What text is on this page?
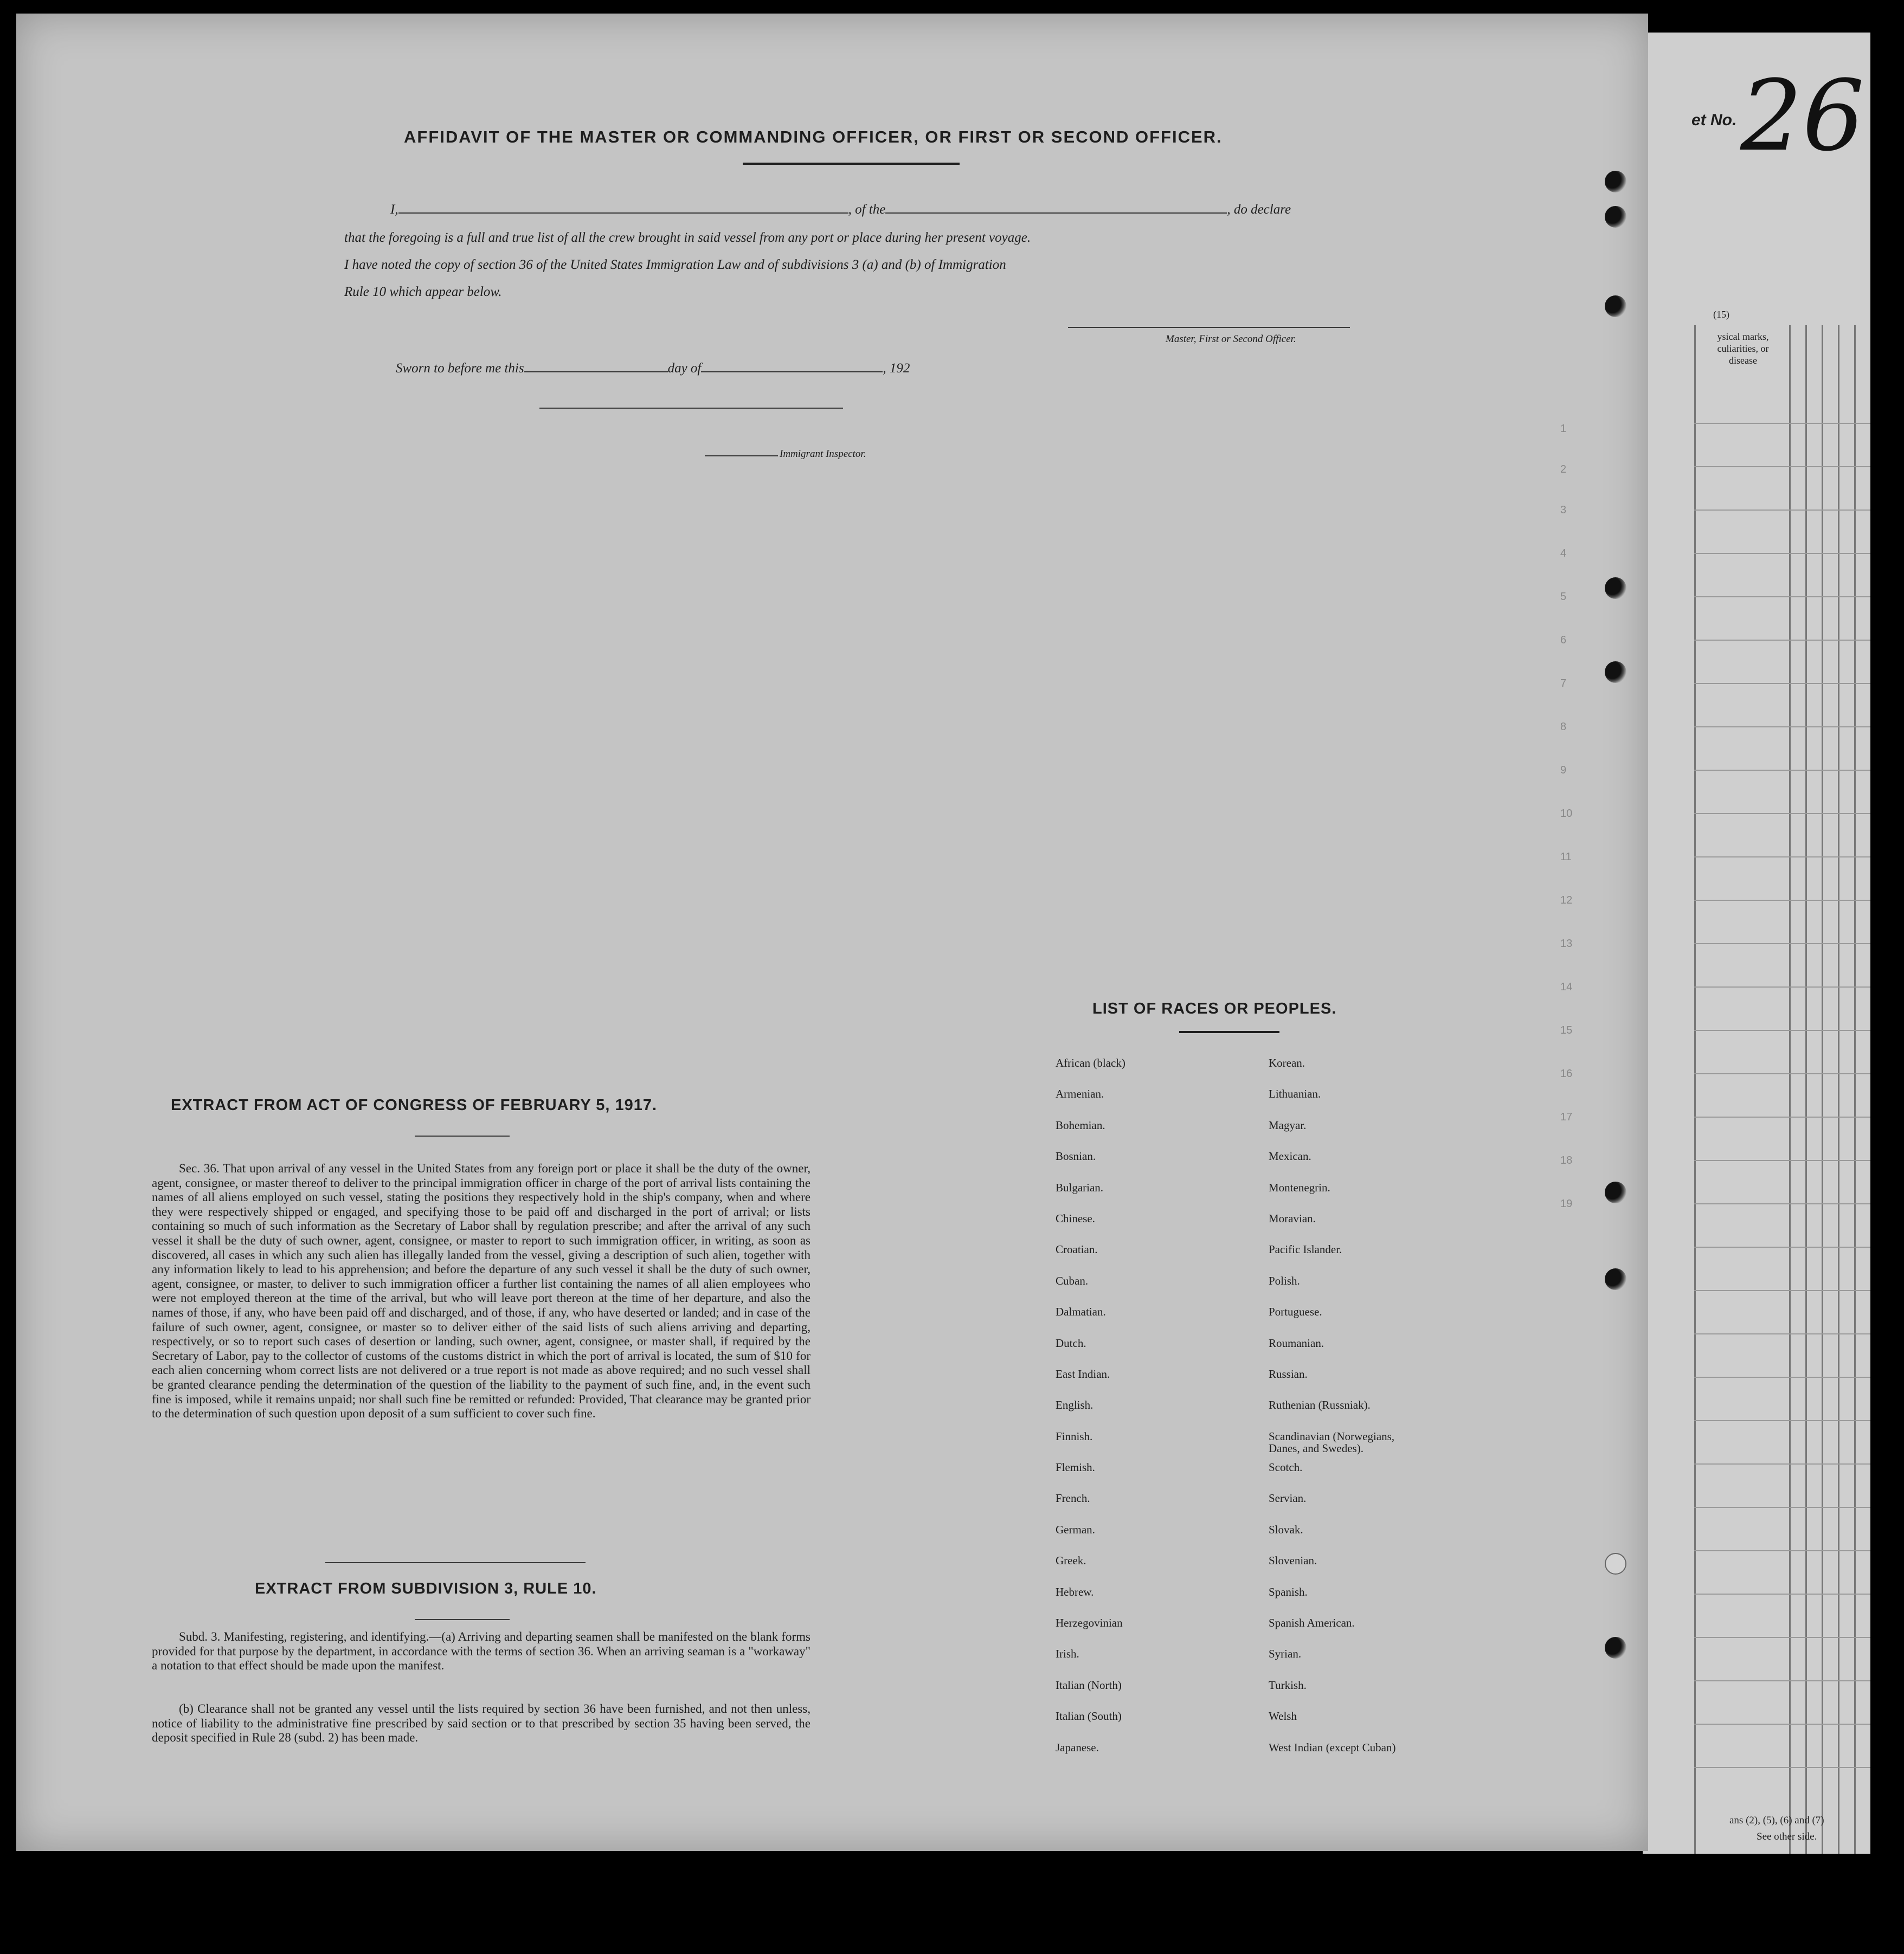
(15)
ysical marks,
culiarities, or
disease
ans (2), (5), (6) and (7)
See other side.
et No. 26
1
2
3
4
5
6
7
8
9
10
11
12
13
14
15
16
17
18
19
AFFIDAVIT OF THE MASTER OR COMMANDING OFFICER, OR FIRST OR SECOND OFFICER.
I,	, of the	, do declare
that the foregoing is a full and true list of all the crew brought in said vessel from any port or place during her present voyage.
I have noted the copy of section 36 of the United States Immigration Law and of subdivisions 3 (a) and (b) of Immigration
Rule 10 which appear below.
Master, First or Second Officer.
Sworn to before me this	day of	, 192
Immigrant Inspector.
EXTRACT FROM ACT OF CONGRESS OF FEBRUARY 5, 1917.
Sec. 36. That upon arrival of any vessel in the United States from any foreign port or place it shall be the duty of the owner, agent, consignee, or master thereof to deliver to the principal immigration officer in charge of the port of arrival lists containing the names of all aliens employed on such vessel, stating the positions they respectively hold in the ship's company, when and where they were respectively shipped or engaged, and specifying those to be paid off and discharged in the port of arrival; or lists containing so much of such information as the Secretary of Labor shall by regulation prescribe; and after the arrival of any such vessel it shall be the duty of such owner, agent, consignee, or master to report to such immigration officer, in writing, as soon as discovered, all cases in which any such alien has illegally landed from the vessel, giving a description of such alien, together with any information likely to lead to his apprehension; and before the departure of any such vessel it shall be the duty of such owner, agent, consignee, or master, to deliver to such immigration officer a further list containing the names of all alien employees who were not employed thereon at the time of the arrival, but who will leave port thereon at the time of her departure, and also the names of those, if any, who have been paid off and discharged, and of those, if any, who have deserted or landed; and in case of the failure of such owner, agent, consignee, or master so to deliver either of the said lists of such aliens arriving and departing, respectively, or so to report such cases of desertion or landing, such owner, agent, consignee, or master shall, if required by the Secretary of Labor, pay to the collector of customs of the customs district in which the port of arrival is located, the sum of $10 for each alien concerning whom correct lists are not delivered or a true report is not made as above required; and no such vessel shall be granted clearance pending the determination of the question of the liability to the payment of such fine, and, in the event such fine is imposed, while it remains unpaid; nor shall such fine be remitted or refunded: Provided, That clearance may be granted prior to the determination of such question upon deposit of a sum sufficient to cover such fine.
EXTRACT FROM SUBDIVISION 3, RULE 10.
Subd. 3. Manifesting, registering, and identifying.—(a) Arriving and departing seamen shall be manifested on the blank forms provided for that purpose by the department, in accordance with the terms of section 36. When an arriving seaman is a "workaway" a notation to that effect should be made upon the manifest.
(b) Clearance shall not be granted any vessel until the lists required by section 36 have been furnished, and not then unless, notice of liability to the administrative fine prescribed by said section or to that prescribed by section 35 having been served, the deposit specified in Rule 28 (subd. 2) has been made.
LIST OF RACES OR PEOPLES.
African (black)
Armenian.
Bohemian.
Bosnian.
Bulgarian.
Chinese.
Croatian.
Cuban.
Dalmatian.
Dutch.
East Indian.
English.
Finnish.
Flemish.
French.
German.
Greek.
Hebrew.
Herzegovinian
Irish.
Italian (North)
Italian (South)
Japanese.
Korean.
Lithuanian.
Magyar.
Mexican.
Montenegrin.
Moravian.
Pacific Islander.
Polish.
Portuguese.
Roumanian.
Russian.
Ruthenian (Russniak).
Scandinavian (Norwegians,
Danes, and Swedes).
Scotch.
Servian.
Slovak.
Slovenian.
Spanish.
Spanish American.
Syrian.
Turkish.
Welsh
West Indian (except Cuban)
